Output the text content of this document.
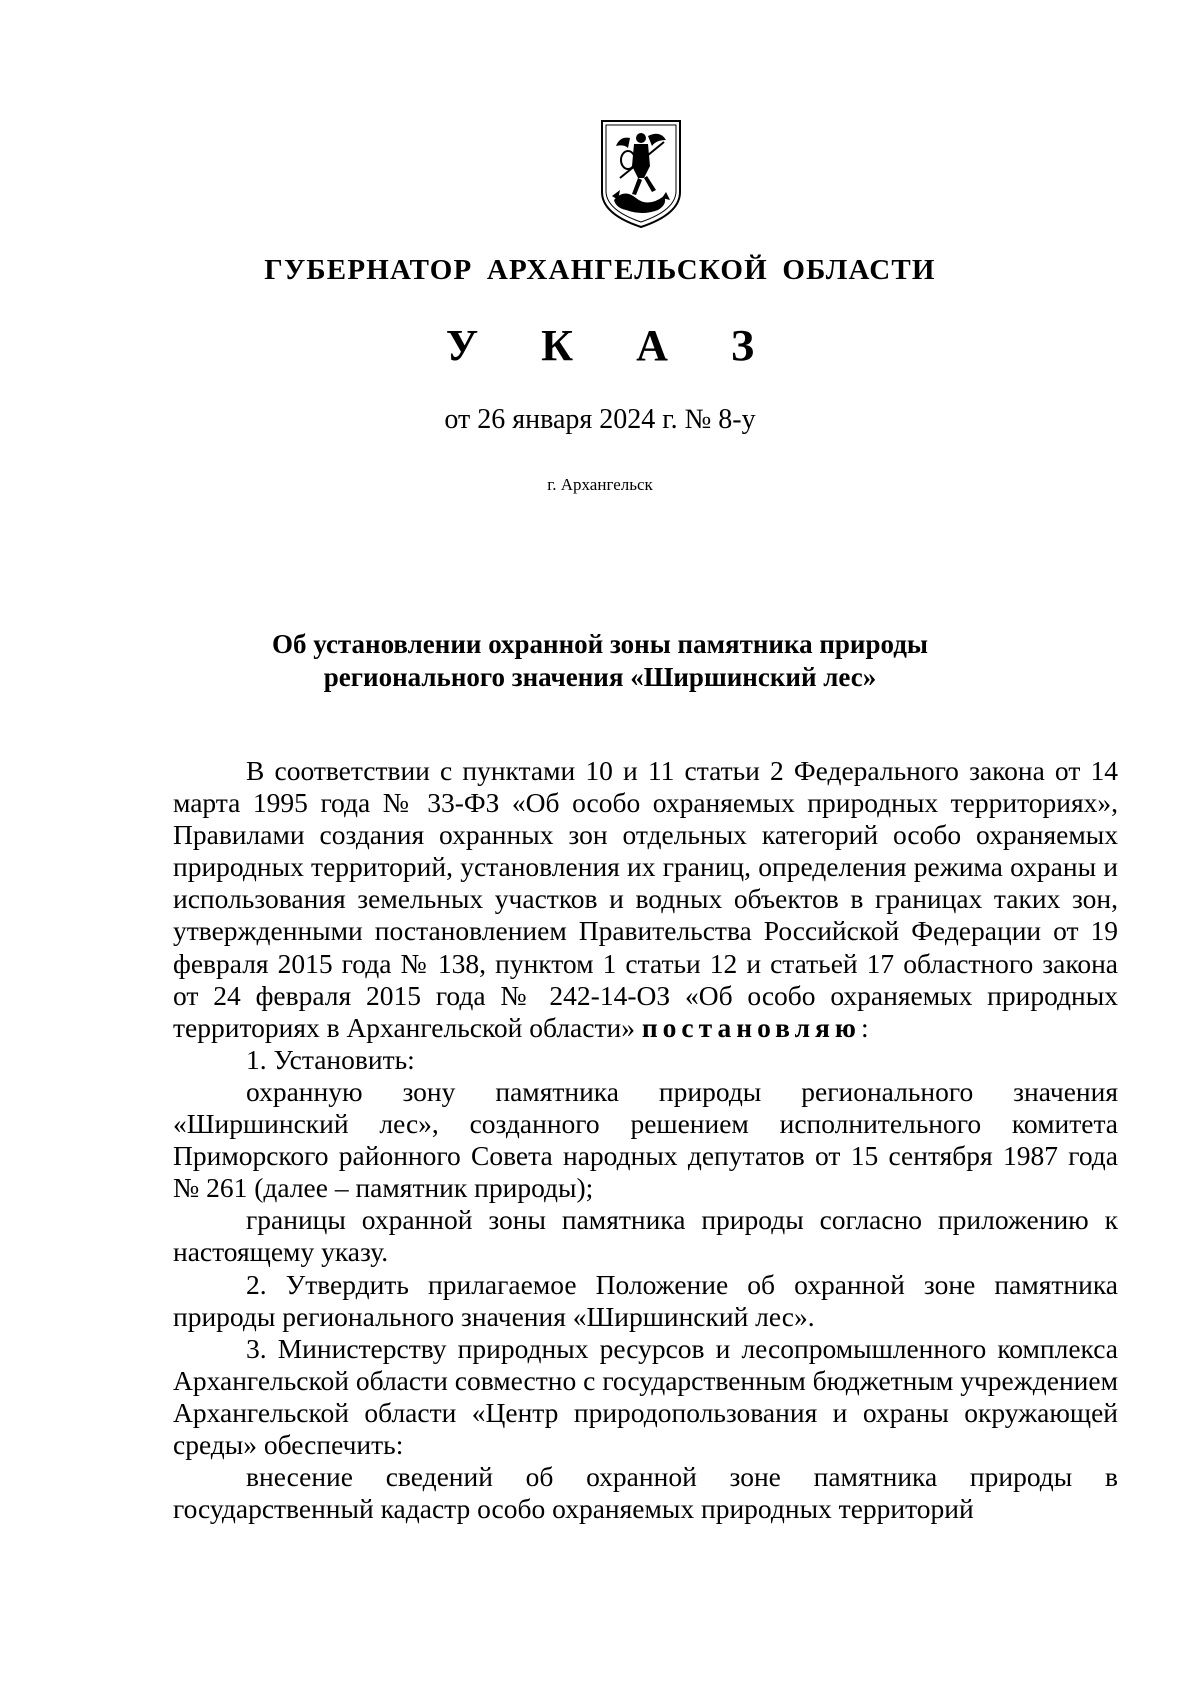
ГУБЕРНАТОР АРХАНГЕЛЬСКОЙ ОБЛАСТИ
У К А З
от 26 января 2024 г. № 8-у
г. Архангельск
Об установлении охранной зоны памятника природы
регионального значения «Ширшинский лес»

В соответствии с пунктами 10 и 11 статьи 2 Федерального закона от 14 марта 1995 года № 33-ФЗ «Об особо охраняемых природных территориях», Правилами создания охранных зон отдельных категорий особо охраняемых природных территорий, установления их границ, определения режима охраны и использования земельных участков и водных объектов в границах таких зон, утвержденными постановлением Правительства Российской Федерации от 19 февраля 2015 года № 138, пунктом 1 статьи 12 и статьей 17 областного закона от 24 февраля 2015 года № 242-14-ОЗ «Об особо охраняемых природных территориях в Архангельской области» постановляю:

1. Установить:

охранную зону памятника природы регионального значения «Ширшинский лес», созданного решением исполнительного комитета Приморского районного Совета народных депутатов от 15 сентября 1987 года № 261 (далее – памятник природы);

границы охранной зоны памятника природы согласно приложению к настоящему указу.

2. Утвердить прилагаемое Положение об охранной зоне памятника природы регионального значения «Ширшинский лес».

3. Министерству природных ресурсов и лесопромышленного комплекса Архангельской области совместно с государственным бюджетным учреждением Архангельской области «Центр природопользования и охраны окружающей среды» обеспечить:

внесение сведений об охранной зоне памятника природы в государственный кадастр особо охраняемых природных территорий
